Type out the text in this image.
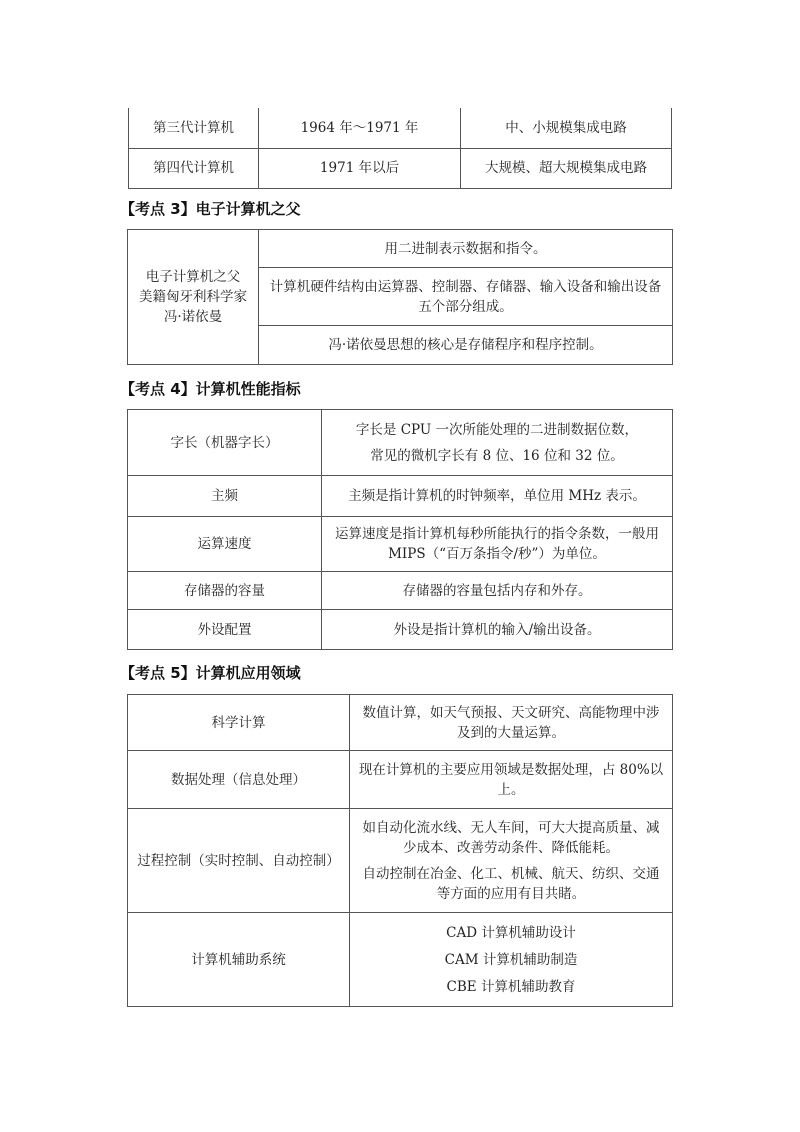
第三代计算机	1964 年～1971 年	中、小规模集成电路
第四代计算机	1971 年以后	大规模、超大规模集成电路
【考点 3】电子计算机之父
电子计算机之父
美籍匈牙利科学家
冯·诺依曼
	用二进制表示数据和指令。
计算机硬件结构由运算器、控制器、存储器、输入设备和输出设备 五个部分组成。
冯·诺依曼思想的核心是存储程序和程序控制。
【考点 4】计算机性能指标
字长（机器字长）	字长是 CPU 一次所能处理的二进制数据位数，
常见的微机字长有 8 位、16 位和 32 位。

主频	主频是指计算机的时钟频率，单位用 MHz 表示。
运算速度	运算速度是指计算机每秒所能执行的指令条数，一般用
MIPS（“百万条指令/秒”）为单位。

存储器的容量	存储器的容量包括内存和外存。
外设配置	外设是指计算机的输入/输出设备。
【考点 5】计算机应用领域
科学计算	数值计算，如天气预报、天文研究、高能物理中涉
及到的大量运算。

数据处理（信息处理）	现在计算机的主要应用领域是数据处理，占 80%以
上。

过程控制（实时控制、自动控制）	如自动化流水线、无人车间，可大大提高质量、减
少成本、改善劳动条件、降低能耗。
自动控制在冶金、化工、机械、航天、纺织、交通
等方面的应用有目共睹。

计算机辅助系统	CAD 计算机辅助设计
CAM 计算机辅助制造
CBE 计算机辅助教育
